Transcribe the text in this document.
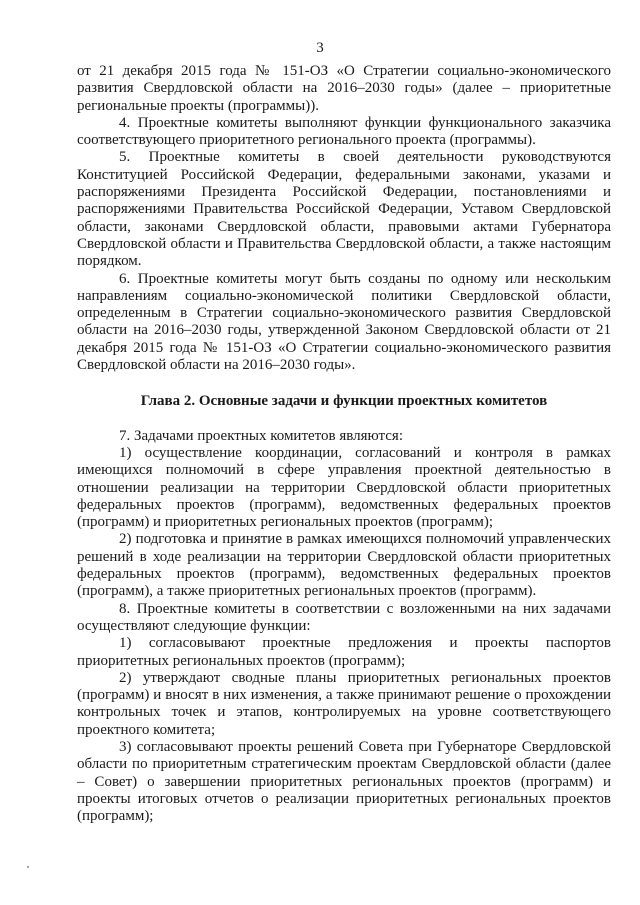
3

от 21 декабря 2015 года № 151-ОЗ «О Стратегии социально-экономического развития Свердловской области на 2016–2030 годы» (далее – приоритетные региональные проекты (программы)).

4. Проектные комитеты выполняют функции функционального заказчика соответствующего приоритетного регионального проекта (программы).

5. Проектные комитеты в своей деятельности руководствуются Конституцией Российской Федерации, федеральными законами, указами и распоряжениями Президента Российской Федерации, постановлениями и распоряжениями Правительства Российской Федерации, Уставом Свердловской области, законами Свердловской области, правовыми актами Губернатора Свердловской области и Правительства Свердловской области, а также настоящим порядком.

6. Проектные комитеты могут быть созданы по одному или нескольким направлениям социально-экономической политики Свердловской области, определенным в Стратегии социально-экономического развития Свердловской области на 2016–2030 годы, утвержденной Законом Свердловской области от 21 декабря 2015 года № 151-ОЗ «О Стратегии социально-экономического развития Свердловской области на 2016–2030 годы».

Глава 2. Основные задачи и функции проектных комитетов

7. Задачами проектных комитетов являются:

1) осуществление координации, согласований и контроля в рамках имеющихся полномочий в сфере управления проектной деятельностью в отношении реализации на территории Свердловской области приоритетных федеральных проектов (программ), ведомственных федеральных проектов (программ) и приоритетных региональных проектов (программ);

2) подготовка и принятие в рамках имеющихся полномочий управленческих решений в ходе реализации на территории Свердловской области приоритетных федеральных проектов (программ), ведомственных федеральных проектов (программ), а также приоритетных региональных проектов (программ).

8. Проектные комитеты в соответствии с возложенными на них задачами осуществляют следующие функции:

1) согласовывают проектные предложения и проекты паспортов приоритетных региональных проектов (программ);

2) утверждают сводные планы приоритетных региональных проектов (программ) и вносят в них изменения, а также принимают решение о прохождении контрольных точек и этапов, контролируемых на уровне соответствующего проектного комитета;

3) согласовывают проекты решений Совета при Губернаторе Свердловской области по приоритетным стратегическим проектам Свердловской области (далее – Совет) о завершении приоритетных региональных проектов (программ) и проекты итоговых отчетов о реализации приоритетных региональных проектов (программ);
